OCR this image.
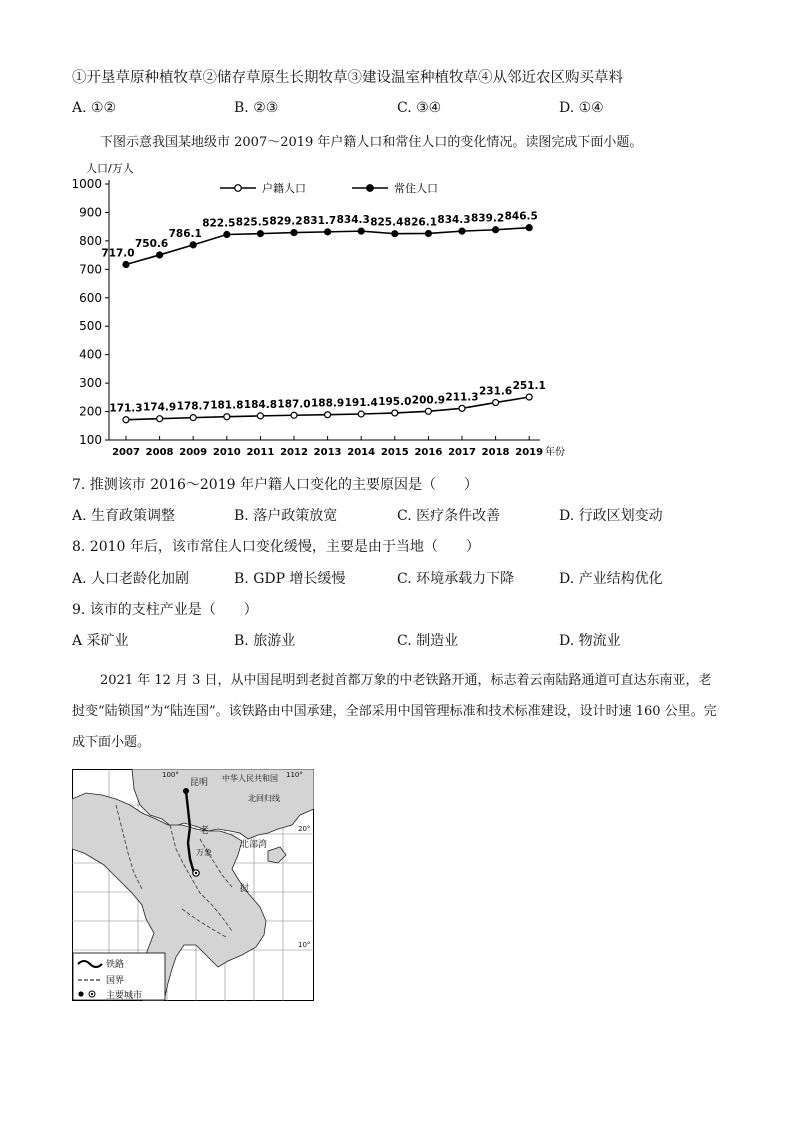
①开垦草原种植牧草②储存草原生长期牧草③建设温室种植牧草④从邻近农区购买草料
A. ①②	B. ②③	C. ③④	D. ①④
下图示意我国某地级市 2007～2019 年户籍人口和常住人口的变化情况。读图完成下面小题。
100
200
300
400
500
600
700
800
900
1000
人口/万人
2007 2008 2009 2010 2011 2012 2013 2014 2015 2016 2017 2018 2019 年份
171.3 174.9 178.7 181.8 184.8 187.0 188.9 191.4 195.0 200.9 211.3 231.6 251.1
717.0
750.6
786.1
822.5 825.5 829.2 831.7 834.3 825.4 826.1 834.3 839.2 846.5
户籍人口	常住人口
7. 推测该市 2016～2019 年户籍人口变化的主要原因是（　　）
A. 生育政策调整	B. 落户政策放宽	C. 医疗条件改善	D. 行政区划变动
8. 2010 年后，该市常住人口变化缓慢，主要是由于当地（　　）
A. 人口老龄化加剧	B. GDP 增长缓慢	C. 环境承载力下降	D. 产业结构优化
9. 该市的支柱产业是（　　）
A 采矿业	B. 旅游业	C. 制造业	D. 物流业
2021 年 12 月 3 日，从中国昆明到老挝首都万象的中老铁路开通，标志着云南陆路通道可直达东南亚，老挝变“陆锁国”为“陆连国”。该铁路由中国承建，全部采用中国管理标准和技术标准建设，设计时速 160 公里。完成下面小题。
昆明 中华人民共和国
北回归线
北部湾
老
万象
挝
100°	110°
20°
10°
铁路
国界
主要城市
